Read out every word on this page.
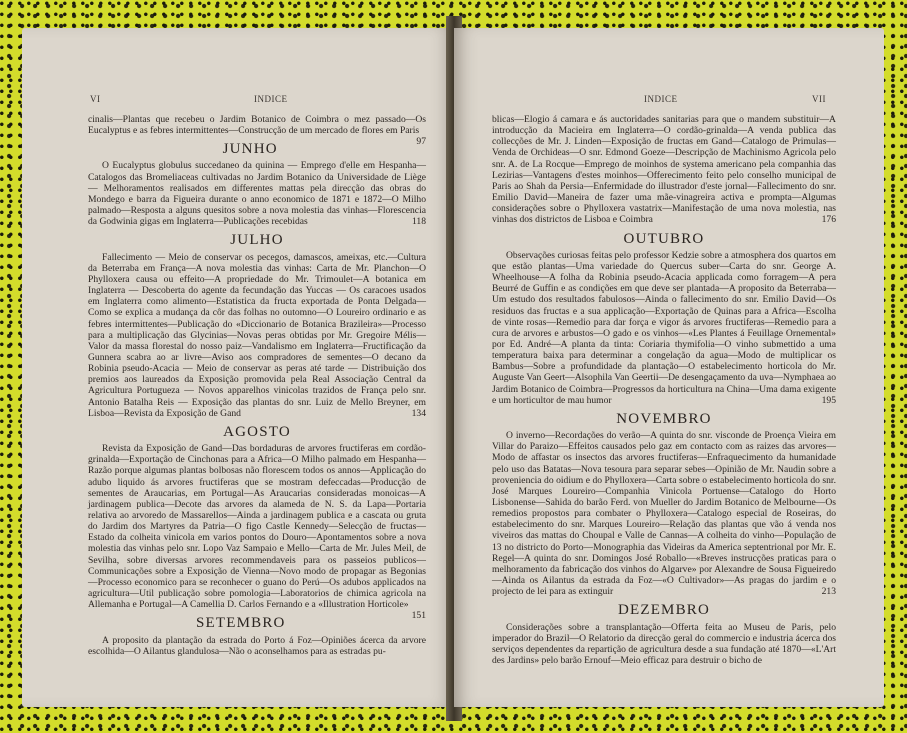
VI	INDICE

cinalis—Plantas que recebeu o Jardim Botanico de Coimbra o mez passado—Os Eucalyptus e as febres intermittentes—Construcção de um mercado de flores em Paris
97

JUNHO

O Eucalyptus globulus succedaneo da quinina — Emprego d'elle em Hespanha—Catalogos das Bromeliaceas cultivadas no Jardim Botanico da Universidade de Liège — Melhoramentos realisados em differentes mattas pela direcção das obras do Mondego e barra da Figueira durante o anno economico de 1871 e 1872—O Milho palmado—Resposta a alguns quesitos sobre a nova molestia das vinhas—Florescencia da Godwinia gigas em Inglaterra—Publicações recebidas	118

JULHO

Fallecimento — Meio de conservar os pecegos, damascos, ameixas, etc.—Cultura da Beterraba em França—A nova molestia das vinhas: Carta de Mr. Planchon—O Phylloxera causa ou effeito—A propriedade do Mr. Trimoulet—A botanica em Inglaterra — Descoberta do agente da fecundação das Yuccas — Os caracoes usados em Inglaterra como alimento—Estatistica da fructa exportada de Ponta Delgada—Como se explica a mudança da côr das folhas no outomno—O Loureiro ordinario e as febres intermittentes—Publicação do «Diccionario de Botanica Brazileira»—Processo para a multiplicação das Glycinias—Novas peras obtidas por Mr. Gregoire Mélis—Valor da massa florestal do nosso paiz—Vandalismo em Inglaterra—Fructificação da Gunnera scabra ao ar livre—Aviso aos compradores de sementes—O decano da Robinia pseudo-Acacia — Meio de conservar as peras até tarde — Distribuição dos premios aos laureados da Exposição promovida pela Real Associação Central da Agricultura Portugueza — Novos apparelhos vinicolas trazidos de França pelo snr. Antonio Batalha Reis — Exposição das plantas do snr. Luiz de Mello Breyner, em Lisboa—Revista da Exposição de Gand	134

AGOSTO

Revista da Exposição de Gand—Das bordaduras de arvores fructiferas em cordão-grinalda—Exportação de Cinchonas para a Africa—O Milho palmado em Hespanha—Razão porque algumas plantas bolbosas não florescem todos os annos—Applicação do adubo liquido ás arvores fructiferas que se mostram defeccadas—Producção de sementes de Araucarias, em Portugal—As Araucarias consideradas monoicas—A jardinagem publica—Decote das arvores da alameda de N. S. da Lapa—Portaria relativa ao arvoredo de Massarellos—Ainda a jardinagem publica e a cascata ou gruta do Jardim dos Martyres da Patria—O figo Castle Kennedy—Selecção de fructas—Estado da colheita vinicola em varios pontos do Douro—Apontamentos sobre a nova molestia das vinhas pelo snr. Lopo Vaz Sampaio e Mello—Carta de Mr. Jules Meil, de Sevilha, sobre diversas arvores recommendaveis para os passeios publicos—Communicações sobre a Exposição de Vienna—Novo modo de propagar as Begonias—Processo economico para se reconhecer o guano do Perú—Os adubos applicados na agricultura—Util publicação sobre pomologia—Laboratorios de chimica agricola na Allemanha e Portugal—A Camellia D. Carlos Fernando e a «Illustration Horticole»
151

SETEMBRO

A proposito da plantação da estrada do Porto á Foz—Opiniões ácerca da arvore escolhida—O Ailantus glandulosa—Não o aconselhamos para as estradas pu-

INDICE	VII

blicas—Elogio á camara e ás auctoridades sanitarias para que o mandem substituir—A introducção da Macieira em Inglaterra—O cordão-grinalda—A venda publica das collecções de Mr. J. Linden—Exposição de fructas em Gand—Catalogo de Primulas—Venda de Orchideas—O snr. Edmond Goeze—Descripção de Machinismo Agricola pelo snr. A. de La Rocque—Emprego de moinhos de systema americano pela companhia das Lezirias—Vantagens d'estes moinhos—Offerecimento feito pelo conselho municipal de Paris ao Shah da Persia—Enfermidade do illustrador d'este jornal—Fallecimento do snr. Emilio David—Maneira de fazer uma mãe-vinagreira activa e prompta—Algumas considerações sobre o Phylloxera vastatrix—Manifestação de uma nova molestia, nas vinhas dos districtos de Lisboa e Coimbra	176

OUTUBRO

Observações curiosas feitas pelo professor Kedzie sobre a atmosphera dos quartos em que estão plantas—Uma variedade do Quercus suber—Carta do snr. George A. Wheelhouse—A folha da Robinia pseudo-Acacia applicada como forragem—A pera Beurré de Guffin e as condições em que deve ser plantada—A proposito da Beterraba—Um estudo dos resultados fabulosos—Ainda o fallecimento do snr. Emilio David—Os residuos das fructas e a sua applicação—Exportação de Quinas para a Africa—Escolha de vinte rosas—Remedio para dar força e vigor ás arvores fructiferas—Remedio para a cura de arvores e arbustos—O gado e os vinhos—«Les Plantes á Feuillage Ornemental» por Ed. André—A planta da tinta: Coriaria thymifolia—O vinho submettido a uma temperatura baixa para determinar a congelação da agua—Modo de multiplicar os Bambus—Sobre a profundidade da plantação—O estabelecimento horticola do Mr. Auguste Van Geert—Alsophila Van Geertii—De desengaçamento da uva—Nymphaea ao Jardim Botanico de Coimbra—Progressos da horticultura na China—Uma dama exigente e um horticultor de mau humor	195

NOVEMBRO

O inverno—Recordações do verão—A quinta do snr. visconde de Proença Vieira em Villar do Paraizo—Effeitos causados pelo gaz em contacto com as raizes das arvores—Modo de affastar os insectos das arvores fructiferas—Enfraquecimento da humanidade pelo uso das Batatas—Nova tesoura para separar sebes—Opinião de Mr. Naudin sobre a proveniencia do oidium e do Phylloxera—Carta sobre o estabelecimento horticola do snr. José Marques Loureiro—Companhia Vinicola Portuense—Catalogo do Horto Lisbonense—Sahida do barão Ferd. von Mueller do Jardim Botanico de Melbourne—Os remedios propostos para combater o Phylloxera—Catalogo especial de Roseiras, do estabelecimento do snr. Marques Loureiro—Relação das plantas que vão á venda nos viveiros das mattas do Choupal e Valle de Cannas—A colheita do vinho—População de 13 no districto do Porto—Monographia das Videiras da America septentrional por Mr. E. Regel—A quinta do snr. Domingos José Roballo—«Breves instrucções praticas para o melhoramento da fabricação dos vinhos do Algarve» por Alexandre de Sousa Figueiredo—Ainda os Ailantus da estrada da Foz—«O Cultivador»—As pragas do jardim e o projecto de lei para as extinguir	213

DEZEMBRO

Considerações sobre a transplantação—Offerta feita ao Museu de Paris, pelo imperador do Brazil—O Relatorio da direcção geral do commercio e industria ácerca dos serviços dependentes da repartição de agricultura desde a sua fundação até 1870—«L'Art des Jardins» pelo barão Ernouf—Meio efficaz para destruir o bicho de
